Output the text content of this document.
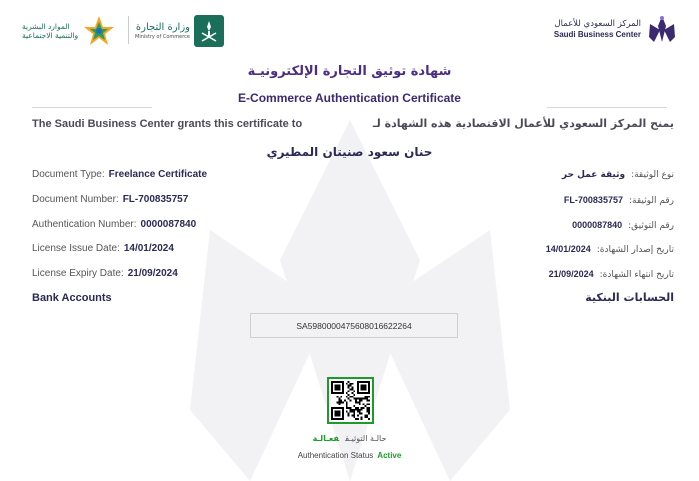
الموارد البشرية
والتنمية الاجتماعية
وزارة التجارة
Ministry of Commerce
المركز السعودي للأعمال
Saudi Business Center
شهادة توثيق التجارة الإلكترونيـة
E-Commerce Authentication Certificate
The Saudi Business Center grants this certificate to	يمنح المركز السعودي للأعمال الاقتصادية هذه الشهادة لـ
حنان سعود صنيتان المطيري
Document Type: Freelance Certificate
Document Number: FL-700835757
Authentication Number: 0000087840
License Issue Date: 14/01/2024
License Expiry Date: 21/09/2024
نوع الوثيقة:وثيقة عمل حر
رقم الوثيقة:FL-700835757
رقم التوثيق:0000087840
تاريخ إصدار الشهادة:14/01/2024
تاريخ انتهاء الشهادة:21/09/2024
Bank Accounts	الحسابات البنكية
SA5980000475608016622264
حالـة التوثيـقفعـالـة
Authentication Status Active
